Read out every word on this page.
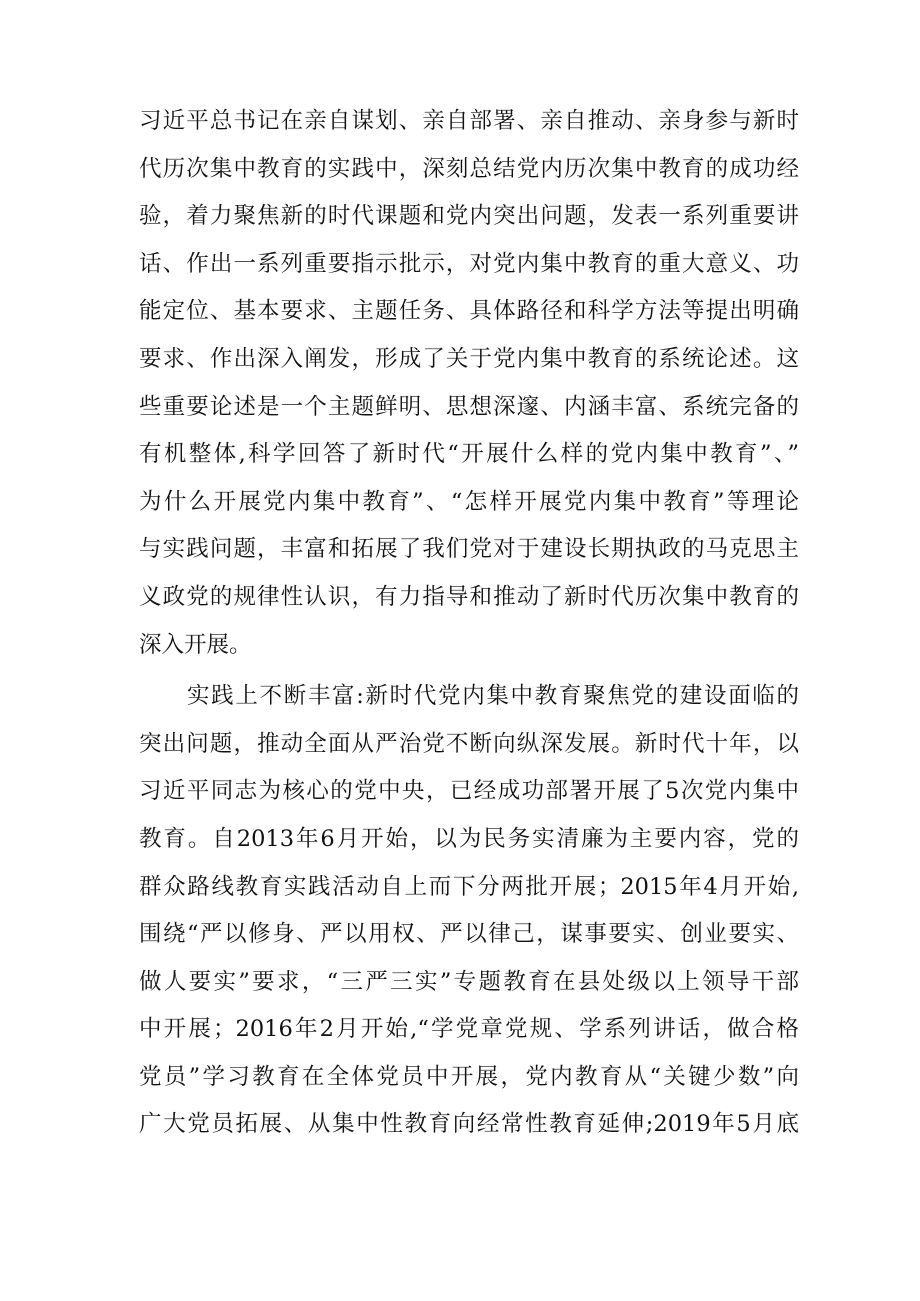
习近平总书记在亲自谋划、亲自部署、亲自推动、亲身参与新时
代历次集中教育的实践中，深刻总结党内历次集中教育的成功经
验，着力聚焦新的时代课题和党内突出问题，发表一系列重要讲
话、作出一系列重要指示批示，对党内集中教育的重大意义、功
能定位、基本要求、主题任务、具体路径和科学方法等提出明确
要求、作出深入阐发，形成了关于党内集中教育的系统论述。这
些重要论述是一个主题鲜明、思想深邃、内涵丰富、系统完备的
有机整体,科学回答了新时代“开展什么样的党内集中教育”、”
为什么开展党内集中教育”、“怎样开展党内集中教育”等理论
与实践问题，丰富和拓展了我们党对于建设长期执政的马克思主
义政党的规律性认识，有力指导和推动了新时代历次集中教育的
深入开展。
实践上不断丰富:新时代党内集中教育聚焦党的建设面临的
突出问题，推动全面从严治党不断向纵深发展。新时代十年，以
习近平同志为核心的党中央，已经成功部署开展了5次党内集中
教育。自2013年6月开始，以为民务实清廉为主要内容，党的
群众路线教育实践活动自上而下分两批开展；2015年4月开始,
围绕“严以修身、严以用权、严以律己，谋事要实、创业要实、
做人要实”要求，“三严三实”专题教育在县处级以上领导干部
中开展；2016年2月开始,“学党章党规、学系列讲话，做合格
党员”学习教育在全体党员中开展，党内教育从“关键少数”向
广大党员拓展、从集中性教育向经常性教育延伸;2019年5月底
